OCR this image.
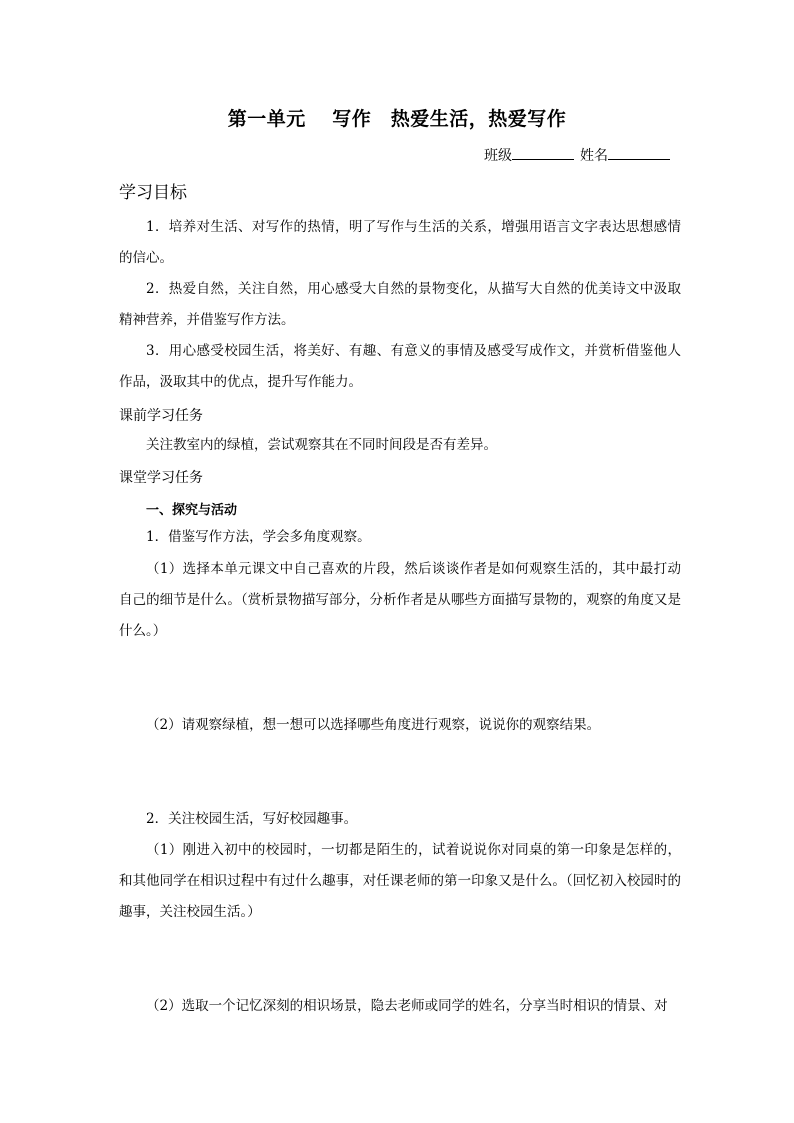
第一单元　 写作　热爱生活，热爱写作
班级	姓名
学习目标
1．培养对生活、对写作的热情，明了写作与生活的关系，增强用语言文字表达思想感情的信心。
2．热爱自然，关注自然，用心感受大自然的景物变化，从描写大自然的优美诗文中汲取精神营养，并借鉴写作方法。
3．用心感受校园生活，将美好、有趣、有意义的事情及感受写成作文，并赏析借鉴他人作品，汲取其中的优点，提升写作能力。
课前学习任务
关注教室内的绿植，尝试观察其在不同时间段是否有差异。
课堂学习任务
一、探究与活动
1．借鉴写作方法，学会多角度观察。
（1）选择本单元课文中自己喜欢的片段，然后谈谈作者是如何观察生活的，其中最打动自己的细节是什么。（赏析景物描写部分，分析作者是从哪些方面描写景物的，观察的角度又是什么。）
（2）请观察绿植，想一想可以选择哪些角度进行观察，说说你的观察结果。
2．关注校园生活，写好校园趣事。
（1）刚进入初中的校园时，一切都是陌生的，试着说说你对同桌的第一印象是怎样的，和其他同学在相识过程中有过什么趣事，对任课老师的第一印象又是什么。（回忆初入校园时的趣事，关注校园生活。）
（2）选取一个记忆深刻的相识场景，隐去老师或同学的姓名，分享当时相识的情景、对
